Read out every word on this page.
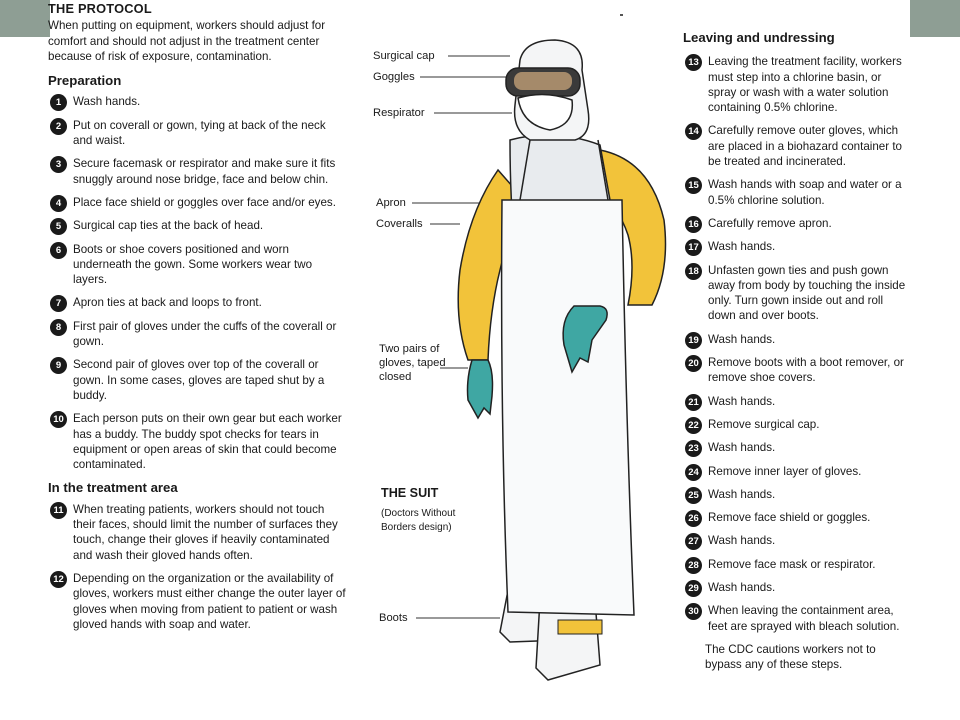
THE PROTOCOL
When putting on equipment, workers should adjust for comfort and should not adjust in the treatment center because of risk of exposure, contamination.
Preparation
1	Wash hands.
2	Put on coverall or gown, tying at back of the neck and waist.
3	Secure facemask or respirator and make sure it fits snuggly around nose bridge, face and below chin.
4	Place face shield or goggles over face and/or eyes.
5	Surgical cap ties at the back of head.
6	Boots or shoe covers positioned and worn underneath the gown. Some workers wear two layers.
7	Apron ties at back and loops to front.
8	First pair of gloves under the cuffs of the coverall or gown.
9	Second pair of gloves over top of the coverall or gown. In some cases, gloves are taped shut by a buddy.
10 Each person puts on their own gear but each worker has a buddy. The buddy spot checks for tears in equipment or open areas of skin that could become contaminated.
In the treatment area
11 When treating patients, workers should not touch their faces, should limit the number of surfaces they touch, change their gloves if heavily contaminated and wash their gloved hands often.
12 Depending on the organization or the availability of gloves, workers must either change the outer layer of gloves when moving from patient to patient or wash gloved hands with soap and water.
Surgical cap
Goggles
Respirator
Apron
Coveralls
Two pairs of gloves, taped closed
THE SUIT
(Doctors Without Borders design)
Boots
Leaving and undressing
13 Leaving the treatment facility, workers must step into a chlorine basin, or spray or wash with a water solution containing 0.5% chlorine.
14 Carefully remove outer gloves, which are placed in a biohazard container to be treated and incinerated.
15 Wash hands with soap and water or a 0.5% chlorine solution.
16 Carefully remove apron.
17 Wash hands.
18 Unfasten gown ties and push gown away from body by touching the inside only. Turn gown inside out and roll down and over boots.
19 Wash hands.
20 Remove boots with a boot remover, or remove shoe covers.
21 Wash hands.
22 Remove surgical cap.
23 Wash hands.
24 Remove inner layer of gloves.
25 Wash hands.
26 Remove face shield or goggles.
27 Wash hands.
28 Remove face mask or respirator.
29 Wash hands.
30 When leaving the containment area, feet are sprayed with bleach solution.
The CDC cautions workers not to bypass any of these steps.
